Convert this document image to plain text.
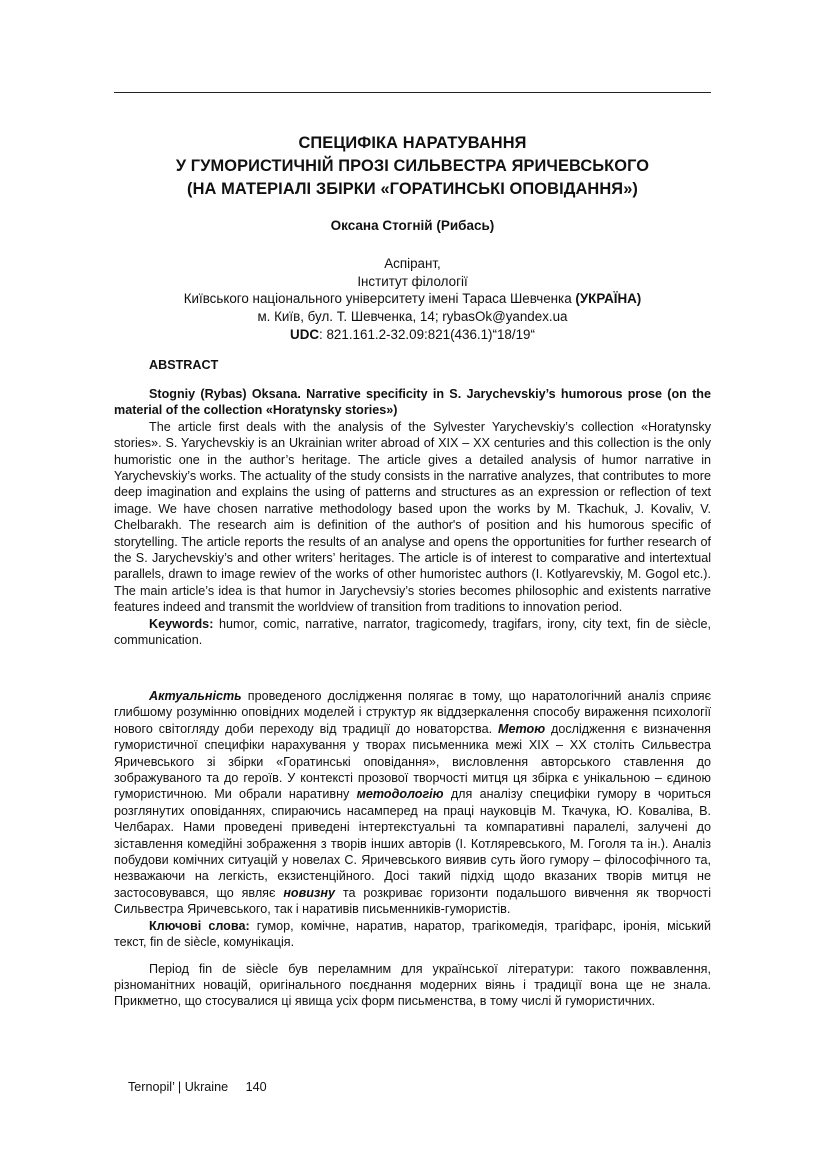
СПЕЦИФІКА НАРАТУВАННЯ
У ГУМОРИСТИЧНІЙ ПРОЗІ СИЛЬВЕСТРА ЯРИЧЕВСЬКОГО
(НА МАТЕРІАЛІ ЗБІРКИ «ГОРАТИНСЬКІ ОПОВІДАННЯ»)
Оксана Стогній (Рибась)
Аспірант,
Інститут філології
Київського національного університету імені Тараса Шевченка (УКРАЇНА)
м. Київ, бул. Т. Шевченка, 14; rybasOk@yandex.ua
UDC: 821.161.2-32.09:821(436.1)“18/19“
ABSTRACT

Stogniy (Rybas) Oksana. Narrative specificity in S. Jarychevskiy’s humorous prose (on the material of the collection «Horatynsky stories»)

The article first deals with the analysis of the Sylvester Yarychevskiy’s collection «Horatynsky stories». S. Yarychevskiy is an Ukrainian writer abroad of XIX – XX centuries and this collection is the only humoristic one in the author’s heritage. The article gives a detailed analysis of humor narrative in Yarychevskiy’s works. The actuality of the study consists in the narrative analyzes, that contributes to more deep imagination and explains the using of patterns and structures as an expression or reflection of text image. We have chosen narrative methodology based upon the works by M. Tkachuk, J. Kovaliv, V. Chelbarakh. The research aim is definition of the author's of position and his humorous specific of storytelling. The article reports the results of an analyse and opens the opportunities for further research of the S. Jarychevskiy’s and other writers’ heritages. The article is of interest to comparative and intertextual parallels, drawn to image rewiev of the works of other humoristec authors (I. Kotlyarevskiy, M. Gogol etc.). The main article’s idea is that humor in Jarychevsiy’s stories becomes philosophic and existents narrative features indeed and transmit the worldview of transition from traditions to innovation period.

Keywords: humor, comic, narrative, narrator, tragicomedy, tragifars, irony, city text, fin de siècle, communication.

Актуальність проведеного дослідження полягає в тому, що наратологічний аналіз сприяє глибшому розумінню оповідних моделей і структур як віддзеркалення способу вираження психології нового світогляду доби переходу від традиції до новаторства. Метою дослідження є визначення гумористичної специфіки нарахування у творах письменника межі XIX – XX століть Сильвестра Яричевського зі збірки «Горатинські оповідання», висловлення авторського ставлення до зображуваного та до героїв. У контексті прозової творчості митця ця збірка є унікальною – єдиною гумористичною. Ми обрали наративну методологію для аналізу специфіки гумору в чориться розглянутих оповіданнях, спираючись насамперед на праці науковців М. Ткачука, Ю. Коваліва, В. Челбарах. Нами проведені приведені інтертекстуальні та компаративні паралелі, залучені до зіставлення комедійні зображення з творів інших авторів (І. Котляревського, М. Гоголя та ін.). Аналіз побудови комічних ситуацій у новелах С. Яричевського виявив суть його гумору – філософічного та, незважаючи на легкість, екзистенційного. Досі такий підхід щодо вказаних творів митця не застосовувався, що являє новизну та розкриває горизонти подальшого вивчення як творчості Сильвестра Яричевського, так і наративів письменників-гумористів.

Ключові слова: гумор, комічне, наратив, наратор, трагікомедія, трагіфарс, іронія, міський текст, fin de siècle, комунікація.

Період fin de siècle був переламним для української літератури: такого пожвавлення, різноманітних новацій, оригінального поєднання модерних віянь і традиції вона ще не знала. Прикметно, що стосувалися ці явища усіх форм письменства, в тому числі й гумористичних.

Ternopil’ | Ukraine 140
